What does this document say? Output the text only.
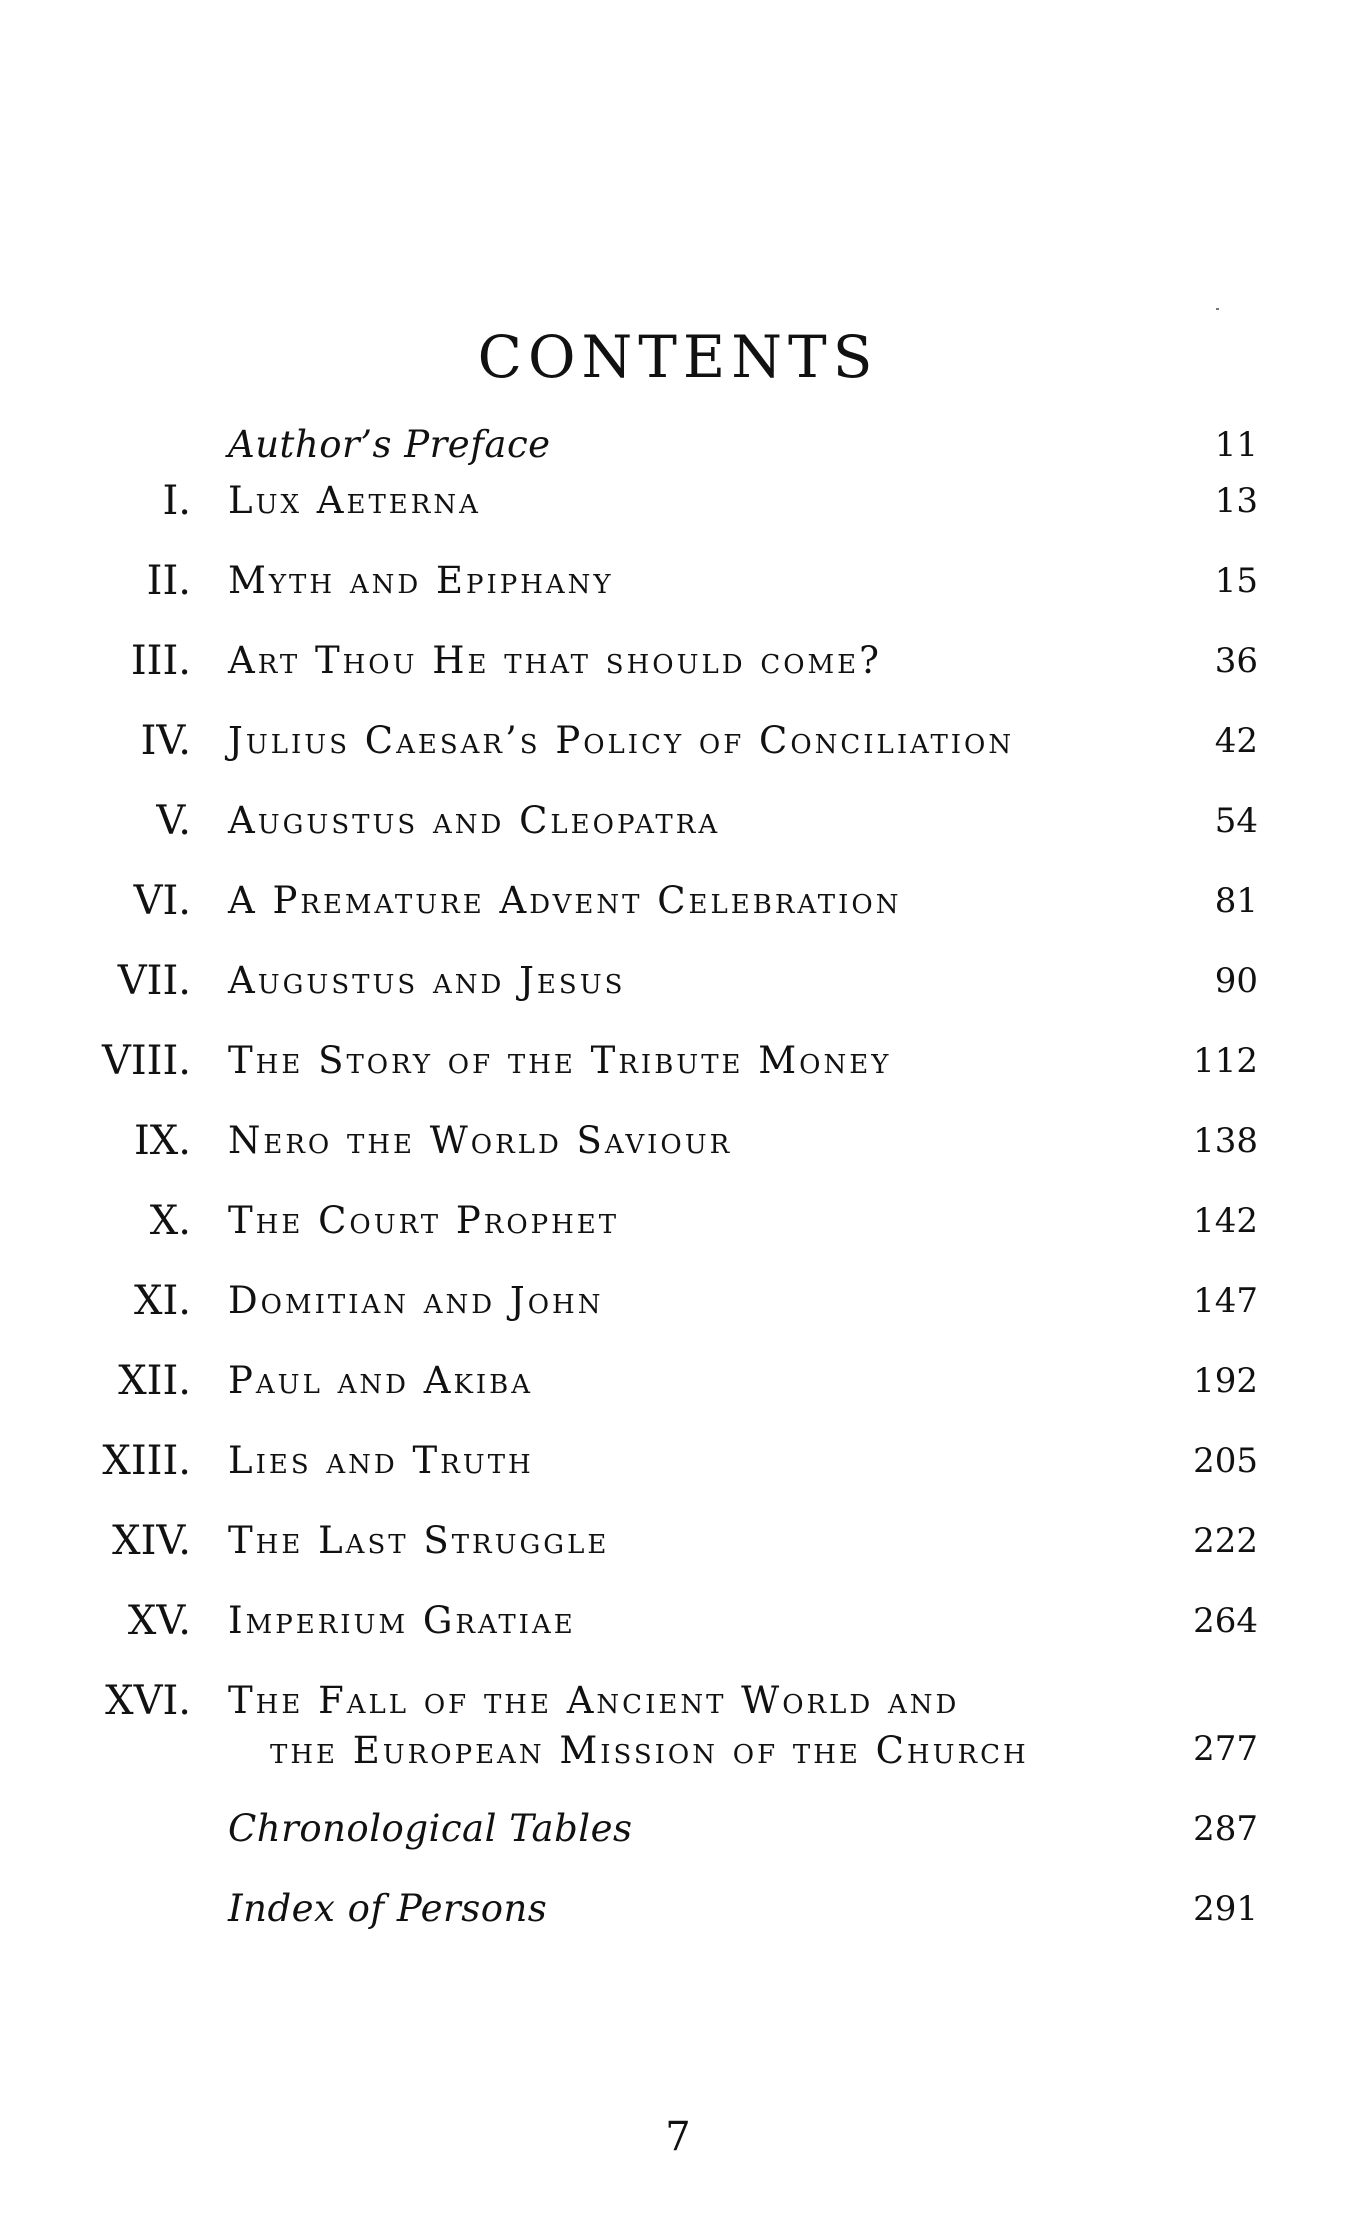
CONTENTS
Author’s Preface	11
I. Lux Aeterna	13
II. Myth and Epiphany	15
III. Art Thou He that should come?	36
IV. Julius Caesar’s Policy of Conciliation	42
V. Augustus and Cleopatra	54
VI. A Premature Advent Celebration	81
VII. Augustus and Jesus	90
VIII. The Story of the Tribute Money	112
IX. Nero the World Saviour	138
X. The Court Prophet	142
XI. Domitian and John	147
XII. Paul and Akiba	192
XIII. Lies and Truth	205
XIV. The Last Struggle	222
XV. Imperium Gratiae	264
XVI. The Fall of the Ancient World and
the European Mission of the Church	277
Chronological Tables	287
Index of Persons	291
7
